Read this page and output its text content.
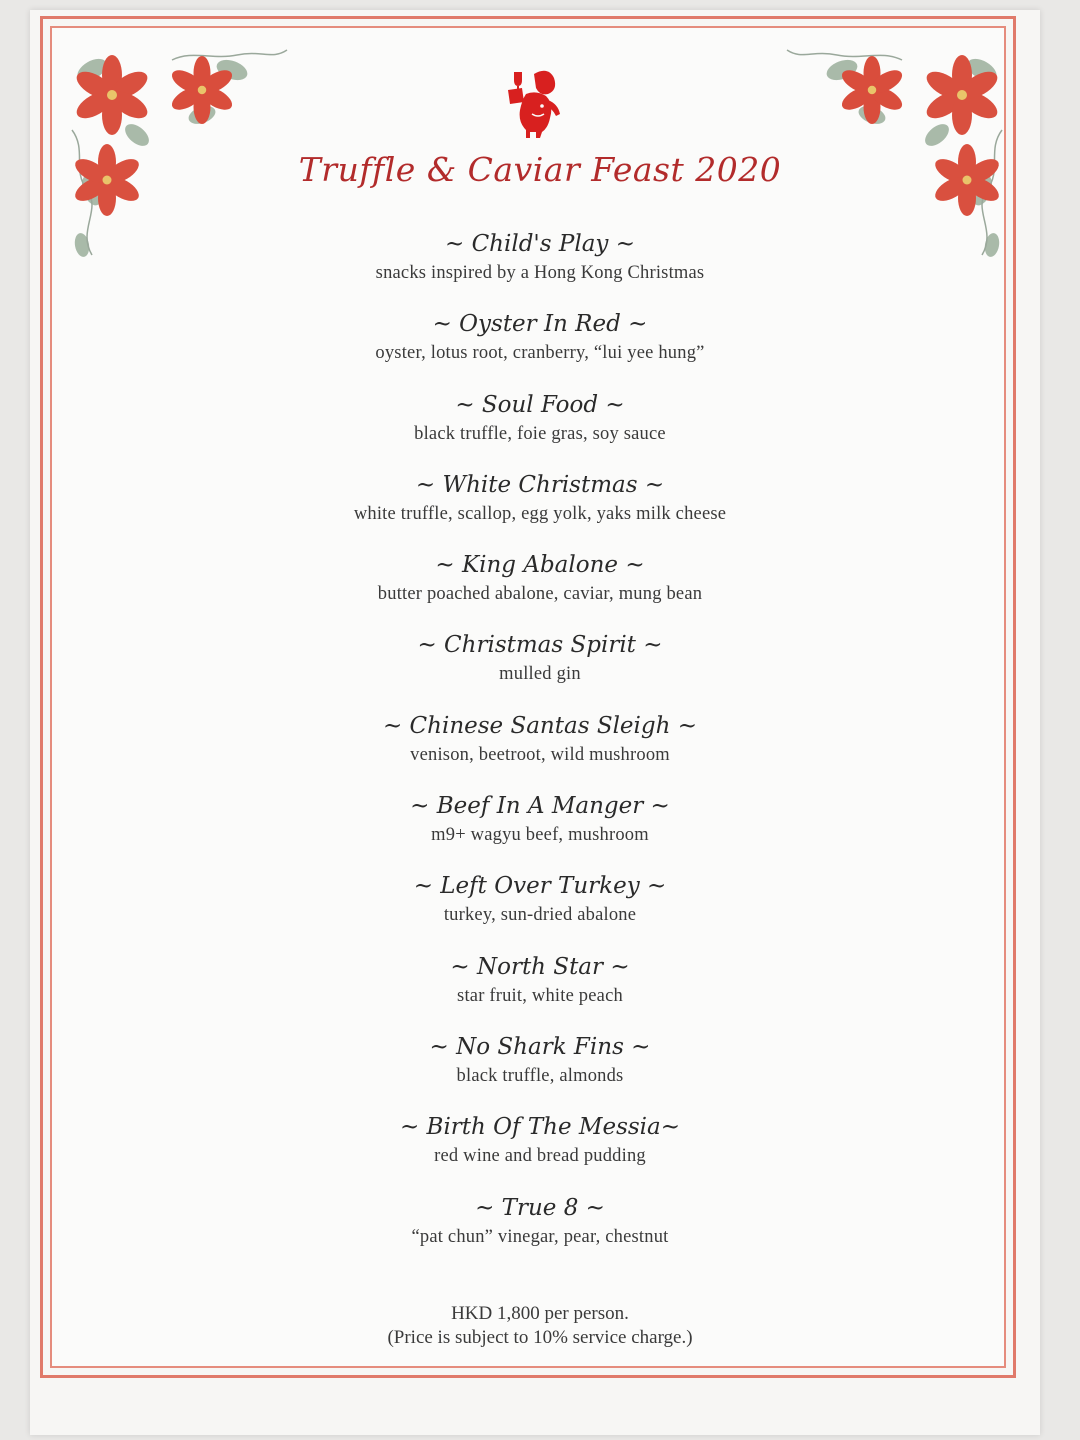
Truffle & Caviar Feast 2020
~ Child's Play ~
snacks inspired by a Hong Kong Christmas
~ Oyster In Red ~
oyster, lotus root, cranberry, “lui yee hung”
~ Soul Food ~
black truffle, foie gras, soy sauce
~ White Christmas ~
white truffle, scallop, egg yolk, yaks milk cheese
~ King Abalone ~
butter poached abalone, caviar, mung bean
~ Christmas Spirit ~
mulled gin
~ Chinese Santas Sleigh ~
venison, beetroot, wild mushroom
~ Beef In A Manger ~
m9+ wagyu beef, mushroom
~ Left Over Turkey ~
turkey, sun-dried abalone
~ North Star ~
star fruit, white peach
~ No Shark Fins ~
black truffle, almonds
~ Birth Of The Messia~
red wine and bread pudding
~ True 8 ~
“pat chun” vinegar, pear, chestnut
HKD 1,800 per person.
(Price is subject to 10% service charge.)
